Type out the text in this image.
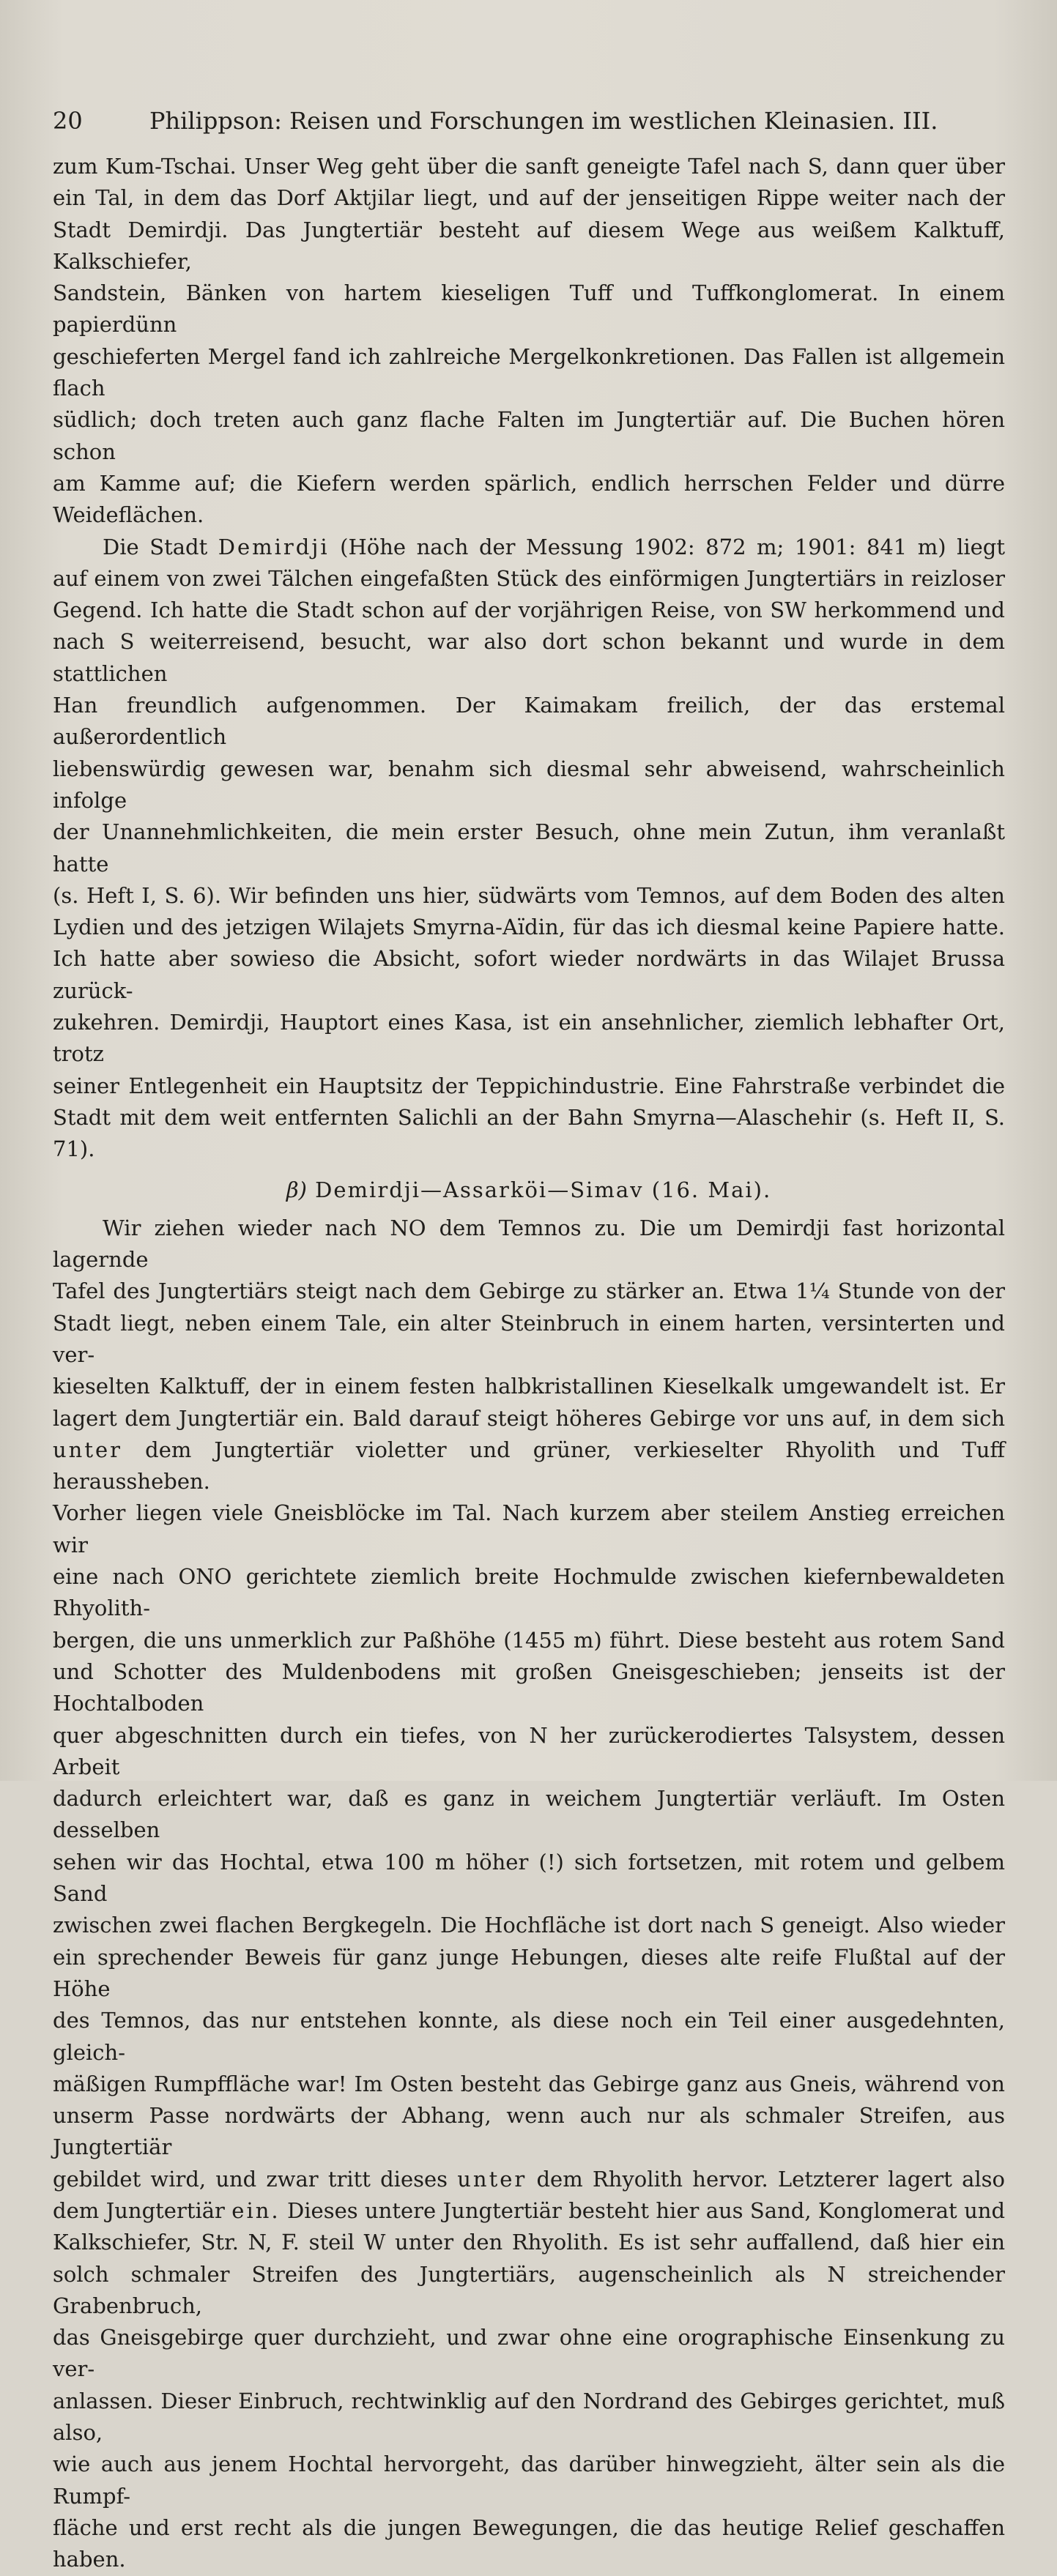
20	Philippson: Reisen und Forschungen im westlichen Kleinasien. III.

zum Kum-Tschai. Unser Weg geht über die sanft geneigte Tafel nach S, dann quer über

ein Tal, in dem das Dorf Aktjilar liegt, und auf der jenseitigen Rippe weiter nach der

Stadt Demirdji. Das Jungtertiär besteht auf diesem Wege aus weißem Kalktuff, Kalkschiefer,

Sandstein, Bänken von hartem kieseligen Tuff und Tuffkonglomerat. In einem papierdünn

geschieferten Mergel fand ich zahlreiche Mergelkonkretionen. Das Fallen ist allgemein flach

südlich; doch treten auch ganz flache Falten im Jungtertiär auf. Die Buchen hören schon

am Kamme auf; die Kiefern werden spärlich, endlich herrschen Felder und dürre Weideflächen.

Die Stadt Demirdji (Höhe nach der Messung 1902: 872 m; 1901: 841 m) liegt

auf einem von zwei Tälchen eingefaßten Stück des einförmigen Jungtertiärs in reizloser

Gegend. Ich hatte die Stadt schon auf der vorjährigen Reise, von SW herkommend und

nach S weiterreisend, besucht, war also dort schon bekannt und wurde in dem stattlichen

Han freundlich aufgenommen. Der Kaimakam freilich, der das erstemal außerordentlich

liebenswürdig gewesen war, benahm sich diesmal sehr abweisend, wahrscheinlich infolge

der Unannehmlichkeiten, die mein erster Besuch, ohne mein Zutun, ihm veranlaßt hatte

(s. Heft I, S. 6). Wir befinden uns hier, südwärts vom Temnos, auf dem Boden des alten

Lydien und des jetzigen Wilajets Smyrna-Aïdin, für das ich diesmal keine Papiere hatte.

Ich hatte aber sowieso die Absicht, sofort wieder nordwärts in das Wilajet Brussa zurück-

zukehren. Demirdji, Hauptort eines Kasa, ist ein ansehnlicher, ziemlich lebhafter Ort, trotz

seiner Entlegenheit ein Hauptsitz der Teppichindustrie. Eine Fahrstraße verbindet die

Stadt mit dem weit entfernten Salichli an der Bahn Smyrna—Alaschehir (s. Heft II, S. 71).

β) Demirdji—Assarköi—Simav (16. Mai).

Wir ziehen wieder nach NO dem Temnos zu. Die um Demirdji fast horizontal lagernde

Tafel des Jungtertiärs steigt nach dem Gebirge zu stärker an. Etwa 1¼ Stunde von der

Stadt liegt, neben einem Tale, ein alter Steinbruch in einem harten, versinterten und ver-

kieselten Kalktuff, der in einem festen halbkristallinen Kieselkalk umgewandelt ist. Er

lagert dem Jungtertiär ein. Bald darauf steigt höheres Gebirge vor uns auf, in dem sich

unter dem Jungtertiär violetter und grüner, verkieselter Rhyolith und Tuff heraussheben.

Vorher liegen viele Gneisblöcke im Tal. Nach kurzem aber steilem Anstieg erreichen wir

eine nach ONO gerichtete ziemlich breite Hochmulde zwischen kiefernbewaldeten Rhyolith-

bergen, die uns unmerklich zur Paßhöhe (1455 m) führt. Diese besteht aus rotem Sand

und Schotter des Muldenbodens mit großen Gneisgeschieben; jenseits ist der Hochtalboden

quer abgeschnitten durch ein tiefes, von N her zurückerodiertes Talsystem, dessen Arbeit

dadurch erleichtert war, daß es ganz in weichem Jungtertiär verläuft. Im Osten desselben

sehen wir das Hochtal, etwa 100 m höher (!) sich fortsetzen, mit rotem und gelbem Sand

zwischen zwei flachen Bergkegeln. Die Hochfläche ist dort nach S geneigt. Also wieder

ein sprechender Beweis für ganz junge Hebungen, dieses alte reife Flußtal auf der Höhe

des Temnos, das nur entstehen konnte, als diese noch ein Teil einer ausgedehnten, gleich-

mäßigen Rumpffläche war! Im Osten besteht das Gebirge ganz aus Gneis, während von

unserm Passe nordwärts der Abhang, wenn auch nur als schmaler Streifen, aus Jungtertiär

gebildet wird, und zwar tritt dieses unter dem Rhyolith hervor. Letzterer lagert also

dem Jungtertiär ein. Dieses untere Jungtertiär besteht hier aus Sand, Konglomerat und

Kalkschiefer, Str. N, F. steil W unter den Rhyolith. Es ist sehr auffallend, daß hier ein

solch schmaler Streifen des Jungtertiärs, augenscheinlich als N streichender Grabenbruch,

das Gneisgebirge quer durchzieht, und zwar ohne eine orographische Einsenkung zu ver-

anlassen. Dieser Einbruch, rechtwinklig auf den Nordrand des Gebirges gerichtet, muß also,

wie auch aus jenem Hochtal hervorgeht, das darüber hinwegzieht, älter sein als die Rumpf-

fläche und erst recht als die jungen Bewegungen, die das heutige Relief geschaffen haben.
